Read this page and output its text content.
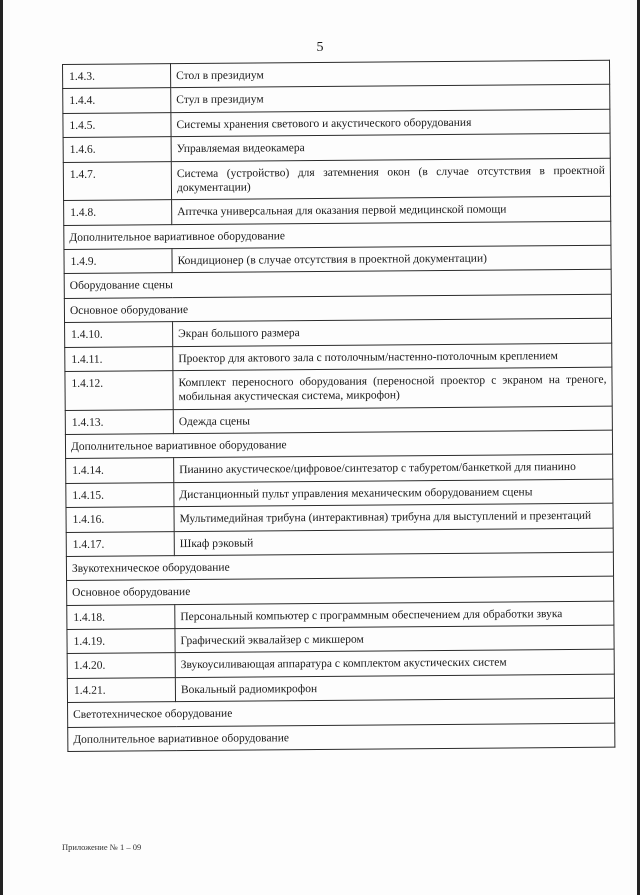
5
1.4.3.	Стол в президиум
1.4.4.	Стул в президиум
1.4.5.	Системы хранения светового и акустического оборудования
1.4.6.	Управляемая видеокамера
1.4.7.	Система (устройство) для затемнения окон (в случае отсутствия в проектной документации)
1.4.8.	Аптечка универсальная для оказания первой медицинской помощи
Дополнительное вариативное оборудование	
1.4.9.	Кондиционер (в случае отсутствия в проектной документации)
Оборудование сцены	
Основное оборудование	
1.4.10.	Экран большого размера
1.4.11.	Проектор для актового зала с потолочным/настенно-потолочным креплением
1.4.12.	Комплект переносного оборудования (переносной проектор с экраном на треноге, мобильная акустическая система, микрофон)
1.4.13.	Одежда сцены
Дополнительное вариативное оборудование	
1.4.14.	Пианино акустическое/цифровое/синтезатор с табуретом/банкеткой для пианино
1.4.15.	Дистанционный пульт управления механическим оборудованием сцены
1.4.16.	Мультимедийная трибуна (интерактивная) трибуна для выступлений и презентаций
1.4.17.	Шкаф рэковый
Звукотехническое оборудование	
Основное оборудование	
1.4.18.	Персональный компьютер с программным обеспечением для обработки звука
1.4.19.	Графический эквалайзер с микшером
1.4.20.	Звукоусиливающая аппаратура с комплектом акустических систем
1.4.21.	Вокальный радиомикрофон
Светотехническое оборудование	
Дополнительное вариативное оборудование	
Приложение № 1 – 09
